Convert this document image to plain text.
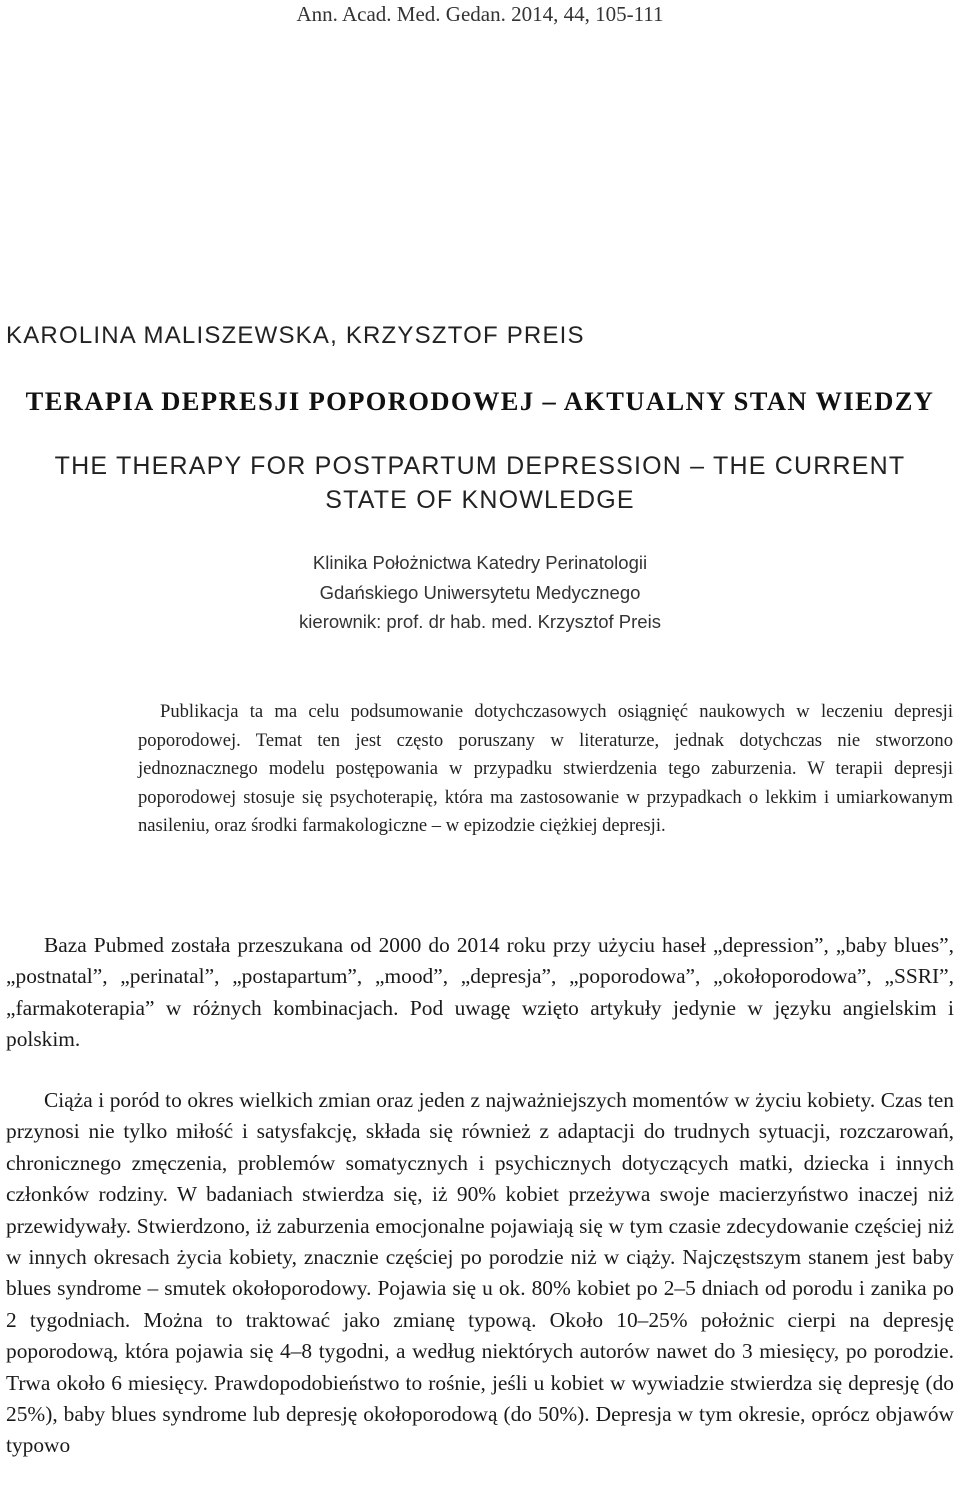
Ann. Acad. Med. Gedan. 2014, 44, 105-111
KAROLINA MALISZEWSKA, KRZYSZTOF PREIS
TERAPIA DEPRESJI POPORODOWEJ – AKTUALNY STAN WIEDZY
THE THERAPY FOR POSTPARTUM DEPRESSION – THE CURRENT STATE OF KNOWLEDGE
Klinika Położnictwa Katedry Perinatologii
Gdańskiego Uniwersytetu Medycznego
kierownik: prof. dr hab. med. Krzysztof Preis

Publikacja ta ma celu podsumowanie dotychczasowych osiągnięć naukowych w leczeniu depresji poporodowej. Temat ten jest często poruszany w literaturze, jednak dotychczas nie stworzono jednoznacznego modelu postępowania w przypadku stwierdzenia tego zaburzenia. W terapii depresji poporodowej stosuje się psychoterapię, która ma zastosowanie w przypadkach o lekkim i umiarkowanym nasileniu, oraz środki farmakologiczne – w epizodzie ciężkiej depresji.

Baza Pubmed została przeszukana od 2000 do 2014 roku przy użyciu haseł „depression”, „baby blues”, „postnatal”, „perinatal”, „postapartum”, „mood”, „depresja”, „poporodowa”, „okołoporodowa”, „SSRI”, „farmakoterapia” w różnych kombinacjach. Pod uwagę wzięto artykuły jedynie w języku angielskim i polskim.

Ciąża i poród to okres wielkich zmian oraz jeden z najważniejszych momentów w życiu kobiety. Czas ten przynosi nie tylko miłość i satysfakcję, składa się również z adaptacji do trudnych sytuacji, rozczarowań, chronicznego zmęczenia, problemów somatycznych i psychicznych dotyczących matki, dziecka i innych członków rodziny. W badaniach stwierdza się, iż 90% kobiet przeżywa swoje macierzyństwo inaczej niż przewidywały. Stwierdzono, iż zaburzenia emocjonalne pojawiają się w tym czasie zdecydowanie częściej niż w innych okresach życia kobiety, znacznie częściej po porodzie niż w ciąży. Najczęstszym stanem jest baby blues syndrome – smutek okołoporodowy. Pojawia się u ok. 80% kobiet po 2–5 dniach od porodu i zanika po 2 tygodniach. Można to traktować jako zmianę typową. Około 10–25% położnic cierpi na depresję poporodową, która pojawia się 4–8 tygodni, a według niektórych autorów nawet do 3 miesięcy, po porodzie. Trwa około 6 miesięcy. Prawdopodobieństwo to rośnie, jeśli u kobiet w wywiadzie stwierdza się depresję (do 25%), baby blues syndrome lub depresję okołoporodową (do 50%). Depresja w tym okresie, oprócz objawów typowo
